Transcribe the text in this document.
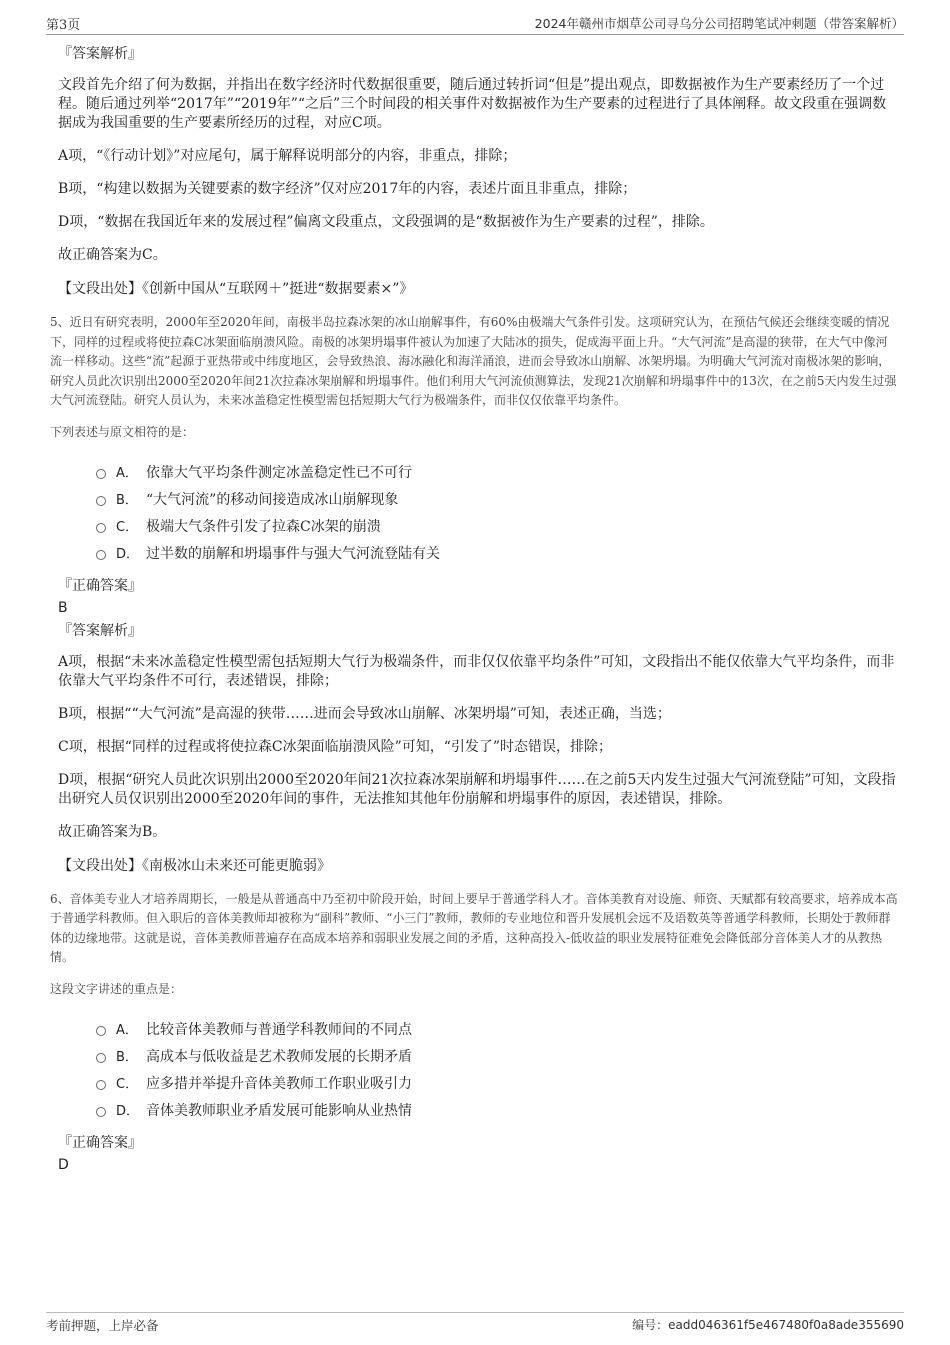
第3页	2024年赣州市烟草公司寻乌分公司招聘笔试冲刺题（带答案解析）
『答案解析』

文段首先介绍了何为数据，并指出在数字经济时代数据很重要，随后通过转折词“但是”提出观点，即数据被作为生产要素经历了一个过程。随后通过列举“2017年”“2019年”“之后”三个时间段的相关事件对数据被作为生产要素的过程进行了具体阐释。故文段重在强调数据成为我国重要的生产要素所经历的过程，对应C项。

A项，“《行动计划》”对应尾句，属于解释说明部分的内容，非重点，排除；

B项，“构建以数据为关键要素的数字经济”仅对应2017年的内容，表述片面且非重点，排除；

D项，“数据在我国近年来的发展过程”偏离文段重点，文段强调的是“数据被作为生产要素的过程”，排除。

故正确答案为C。

【文段出处】《创新中国从“互联网＋”挺进“数据要素×”》

5、近日有研究表明，2000年至2020年间，南极半岛拉森冰架的冰山崩解事件，有60%由极端大气条件引发。这项研究认为，在预估气候还会继续变暖的情况下，同样的过程或将使拉森C冰架面临崩溃风险。南极的冰架坍塌事件被认为加速了大陆冰的损失，促成海平面上升。“大气河流”是高湿的狭带，在大气中像河流一样移动。这些“流”起源于亚热带或中纬度地区，会导致热浪、海冰融化和海洋涌浪，进而会导致冰山崩解、冰架坍塌。为明确大气河流对南极冰架的影响，研究人员此次识别出2000至2020年间21次拉森冰架崩解和坍塌事件。他们利用大气河流侦测算法，发现21次崩解和坍塌事件中的13次，在之前5天内发生过强大气河流登陆。研究人员认为，未来冰盖稳定性模型需包括短期大气行为极端条件，而非仅仅依靠平均条件。

下列表述与原文相符的是：

A． 依靠大气平均条件测定冰盖稳定性已不可行
B． “大气河流”的移动间接造成冰山崩解现象
C． 极端大气条件引发了拉森C冰架的崩溃
D． 过半数的崩解和坍塌事件与强大气河流登陆有关
『正确答案』
B
『答案解析』

A项，根据“未来冰盖稳定性模型需包括短期大气行为极端条件，而非仅仅依靠平均条件”可知，文段指出不能仅依靠大气平均条件，而非依靠大气平均条件不可行，表述错误，排除；

B项，根据““大气河流”是高湿的狭带……进而会导致冰山崩解、冰架坍塌”可知，表述正确，当选；

C项，根据“同样的过程或将使拉森C冰架面临崩溃风险”可知，“引发了”时态错误，排除；

D项，根据“研究人员此次识别出2000至2020年间21次拉森冰架崩解和坍塌事件……在之前5天内发生过强大气河流登陆”可知，文段指出研究人员仅识别出2000至2020年间的事件，无法推知其他年份崩解和坍塌事件的原因，表述错误，排除。

故正确答案为B。

【文段出处】《南极冰山未来还可能更脆弱》

6、音体美专业人才培养周期长，一般是从普通高中乃至初中阶段开始，时间上要早于普通学科人才。音体美教育对设施、师资、天赋都有较高要求，培养成本高于普通学科教师。但入职后的音体美教师却被称为“副科”教师、“小三门”教师，教师的专业地位和晋升发展机会远不及语数英等普通学科教师，长期处于教师群体的边缘地带。这就是说，音体美教师普遍存在高成本培养和弱职业发展之间的矛盾，这种高投入-低收益的职业发展特征难免会降低部分音体美人才的从教热情。

这段文字讲述的重点是：

A． 比较音体美教师与普通学科教师间的不同点
B． 高成本与低收益是艺术教师发展的长期矛盾
C． 应多措并举提升音体美教师工作职业吸引力
D． 音体美教师职业矛盾发展可能影响从业热情
『正确答案』
D
考前押题，上岸必备	编号：eadd046361f5e467480f0a8ade355690
